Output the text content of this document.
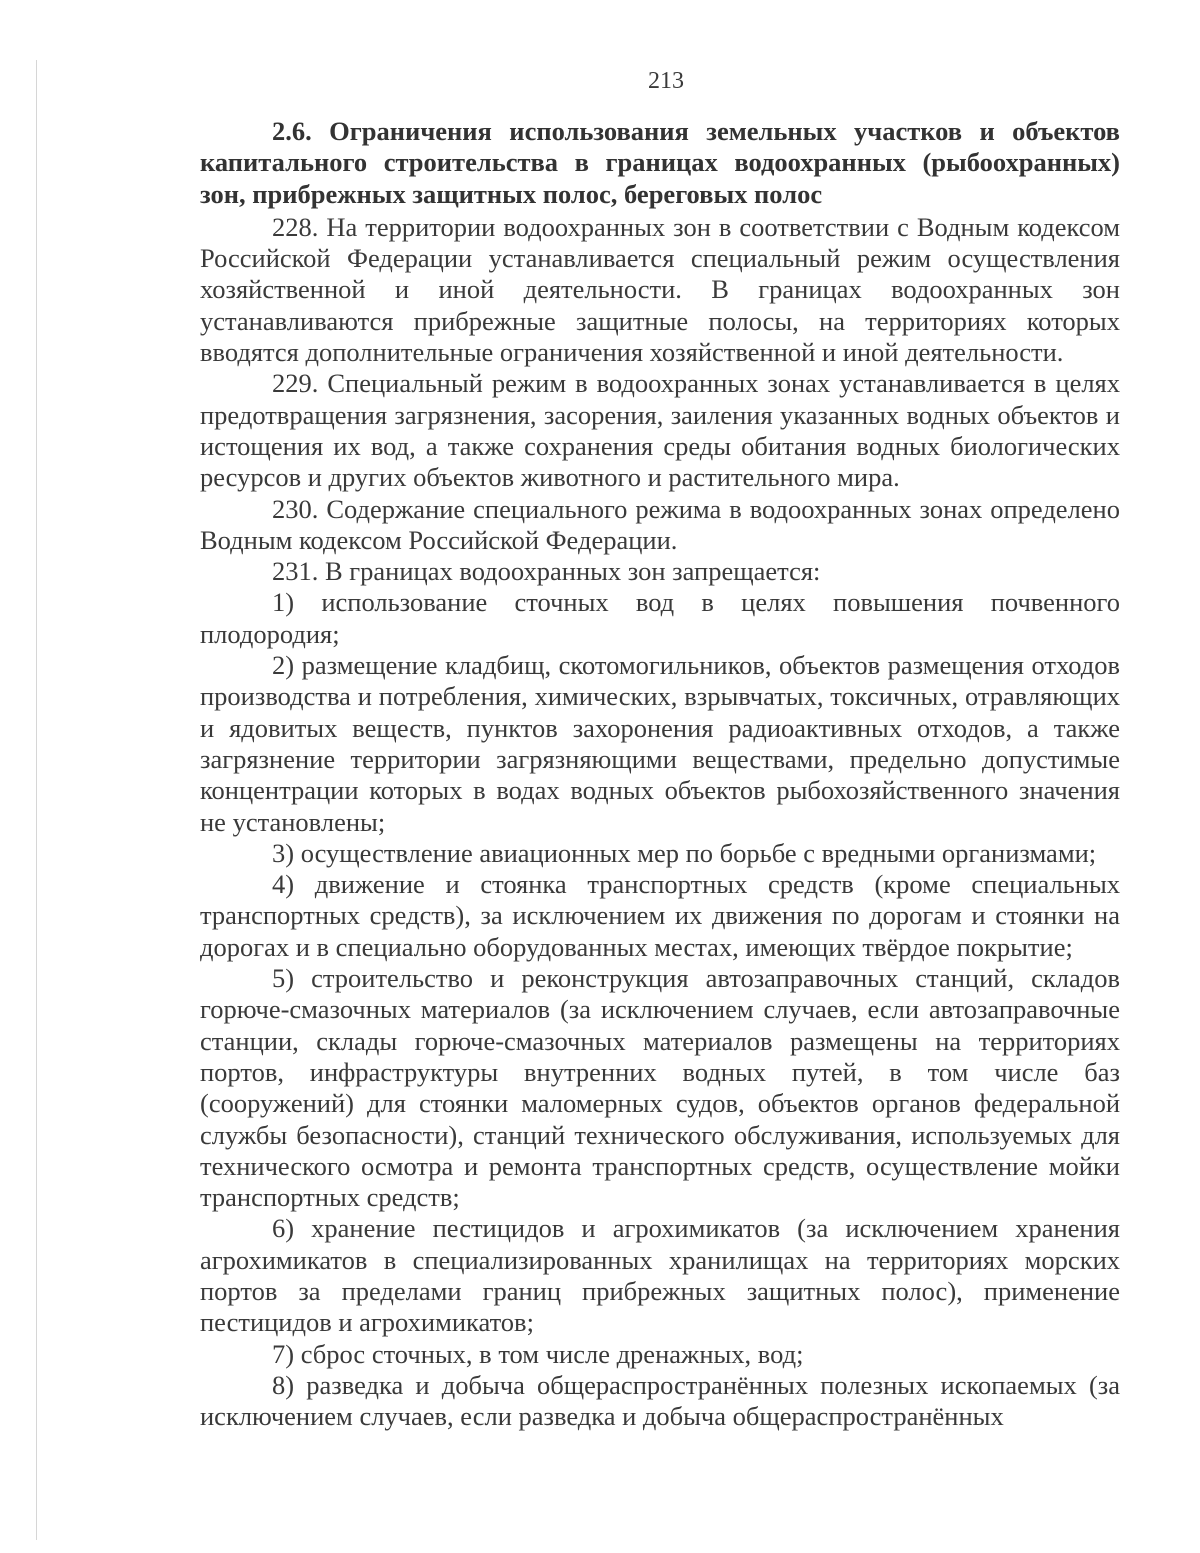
213
2.6. Ограничения использования земельных участков и объектов капитального строительства в границах водоохранных (рыбоохранных) зон, прибрежных защитных полос, береговых полос

228. На территории водоохранных зон в соответствии с Водным кодексом Российской Федерации устанавливается специальный режим осуществления хозяйственной и иной деятельности. В границах водоохранных зон устанавливаются прибрежные защитные полосы, на территориях которых вводятся дополнительные ограничения хозяйственной и иной деятельности.

229. Специальный режим в водоохранных зонах устанавливается в целях предотвращения загрязнения, засорения, заиления указанных водных объектов и истощения их вод, а также сохранения среды обитания водных биологических ресурсов и других объектов животного и растительного мира.

230. Содержание специального режима в водоохранных зонах определено Водным кодексом Российской Федерации.

231. В границах водоохранных зон запрещается:

1) использование сточных вод в целях повышения почвенного плодородия;

2) размещение кладбищ, скотомогильников, объектов размещения отходов производства и потребления, химических, взрывчатых, токсичных, отравляющих и ядовитых веществ, пунктов захоронения радиоактивных отходов, а также загрязнение территории загрязняющими веществами, предельно допустимые концентрации которых в водах водных объектов рыбохозяйственного значения не установлены;

3) осуществление авиационных мер по борьбе с вредными организмами;

4) движение и стоянка транспортных средств (кроме специальных транспортных средств), за исключением их движения по дорогам и стоянки на дорогах и в специально оборудованных местах, имеющих твёрдое покрытие;

5) строительство и реконструкция автозаправочных станций, складов горюче-смазочных материалов (за исключением случаев, если автозаправочные станции, склады горюче-смазочных материалов размещены на территориях портов, инфраструктуры внутренних водных путей, в том числе баз (сооружений) для стоянки маломерных судов, объектов органов федеральной службы безопасности), станций технического обслуживания, используемых для технического осмотра и ремонта транспортных средств, осуществление мойки транспортных средств;

6) хранение пестицидов и агрохимикатов (за исключением хранения агрохимикатов в специализированных хранилищах на территориях морских портов за пределами границ прибрежных защитных полос), применение пестицидов и агрохимикатов;

7) сброс сточных, в том числе дренажных, вод;

8) разведка и добыча общераспространённых полезных ископаемых (за исключением случаев, если разведка и добыча общераспространённых
